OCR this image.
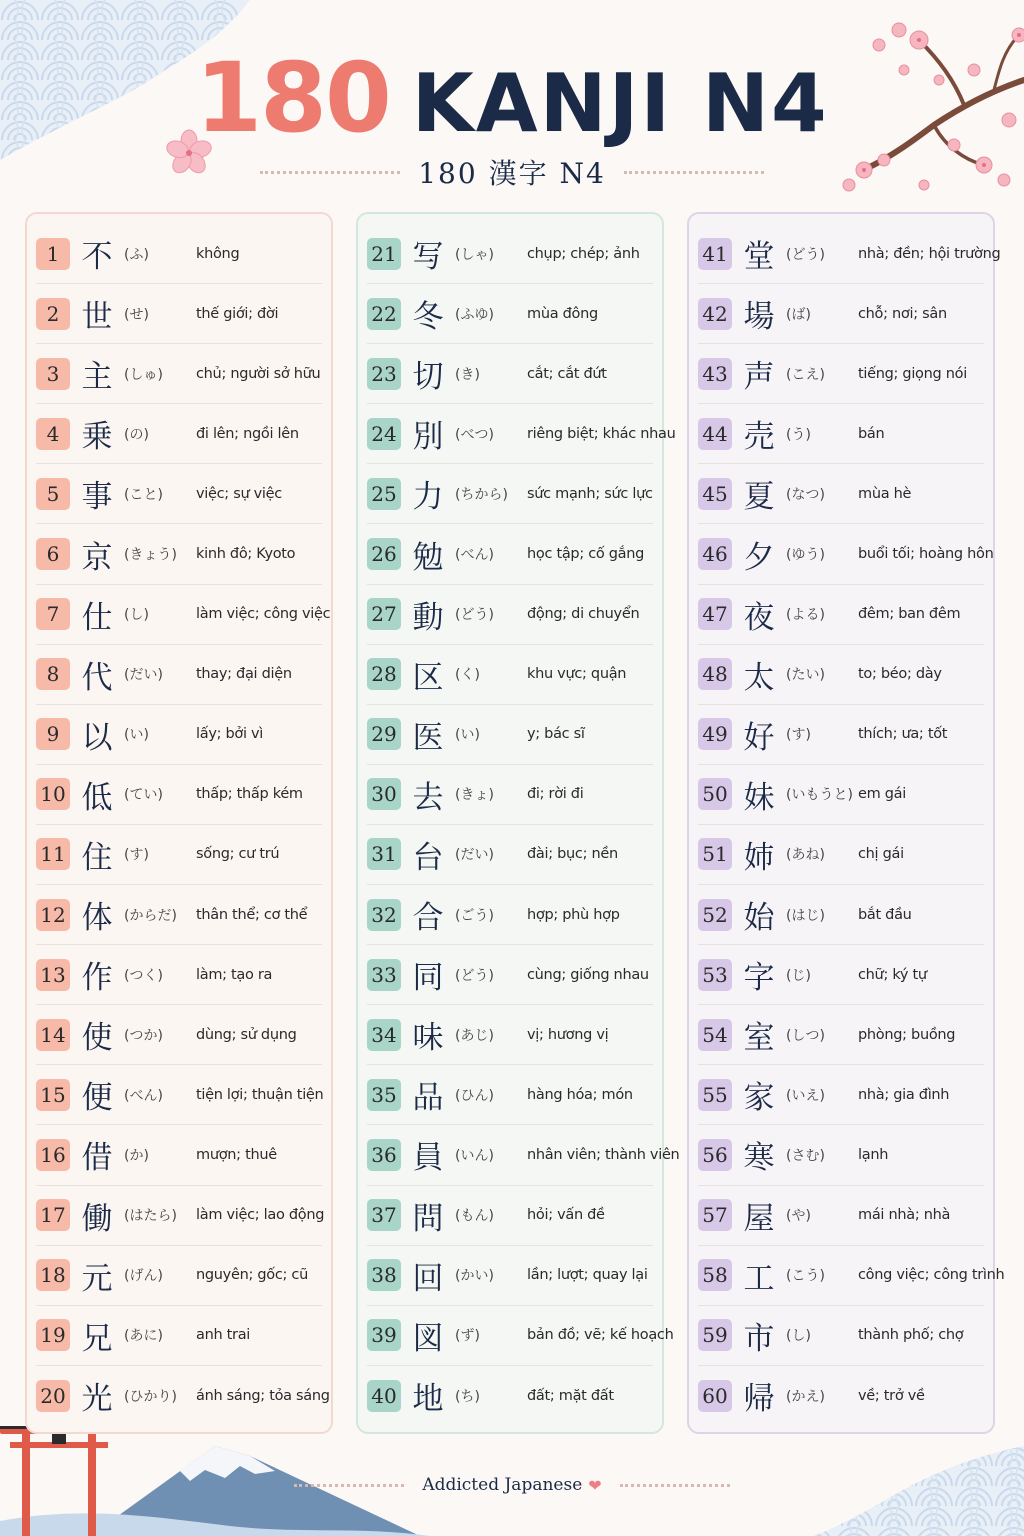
180 KANJI N4
180 漢字 N4
1 不 (ふ)	không
2 世 (せ)	thế giới; đời
3 主 (しゅ)	chủ; người sở hữu
4 乗 (の)	đi lên; ngồi lên
5 事 (こと)	việc; sự việc
6 京 (きょう)	kinh đô; Kyoto
7 仕 (し)	làm việc; công việc
8 代 (だい)	thay; đại diện
9 以 (い)	lấy; bởi vì
10 低 (てい)	thấp; thấp kém
11 住 (す)	sống; cư trú
12 体 (からだ)	thân thể; cơ thể
13 作 (つく)	làm; tạo ra
14 使 (つか)	dùng; sử dụng
15 便 (べん)	tiện lợi; thuận tiện
16 借 (か)	mượn; thuê
17 働 (はたら)	làm việc; lao động
18 元 (げん)	nguyên; gốc; cũ
19 兄 (あに)	anh trai
20 光 (ひかり)	ánh sáng; tỏa sáng
21 写 (しゃ)	chụp; chép; ảnh
22 冬 (ふゆ)	mùa đông
23 切 (き)	cắt; cắt đứt
24 別 (べつ)	riêng biệt; khác nhau
25 力 (ちから)	sức mạnh; sức lực
26 勉 (べん)	học tập; cố gắng
27 動 (どう)	động; di chuyển
28 区 (く)	khu vực; quận
29 医 (い)	y; bác sĩ
30 去 (きょ)	đi; rời đi
31 台 (だい)	đài; bục; nền
32 合 (ごう)	hợp; phù hợp
33 同 (どう)	cùng; giống nhau
34 味 (あじ)	vị; hương vị
35 品 (ひん)	hàng hóa; món
36 員 (いん)	nhân viên; thành viên
37 問 (もん)	hỏi; vấn đề
38 回 (かい)	lần; lượt; quay lại
39 図 (ず)	bản đồ; vẽ; kế hoạch
40 地 (ち)	đất; mặt đất
41 堂 (どう)	nhà; đền; hội trường
42 場 (ば)	chỗ; nơi; sân
43 声 (こえ)	tiếng; giọng nói
44 売 (う)	bán
45 夏 (なつ)	mùa hè
46 夕 (ゆう)	buổi tối; hoàng hôn
47 夜 (よる)	đêm; ban đêm
48 太 (たい)	to; béo; dày
49 好 (す)	thích; ưa; tốt
50 妹 (いもうと) em gái
51 姉 (あね)	chị gái
52 始 (はじ)	bắt đầu
53 字 (じ)	chữ; ký tự
54 室 (しつ)	phòng; buồng
55 家 (いえ)	nhà; gia đình
56 寒 (さむ)	lạnh
57 屋 (や)	mái nhà; nhà
58 工 (こう)	công việc; công trình
59 市 (し)	thành phố; chợ
60 帰 (かえ)	về; trở về
Addicted Japanese ❤
